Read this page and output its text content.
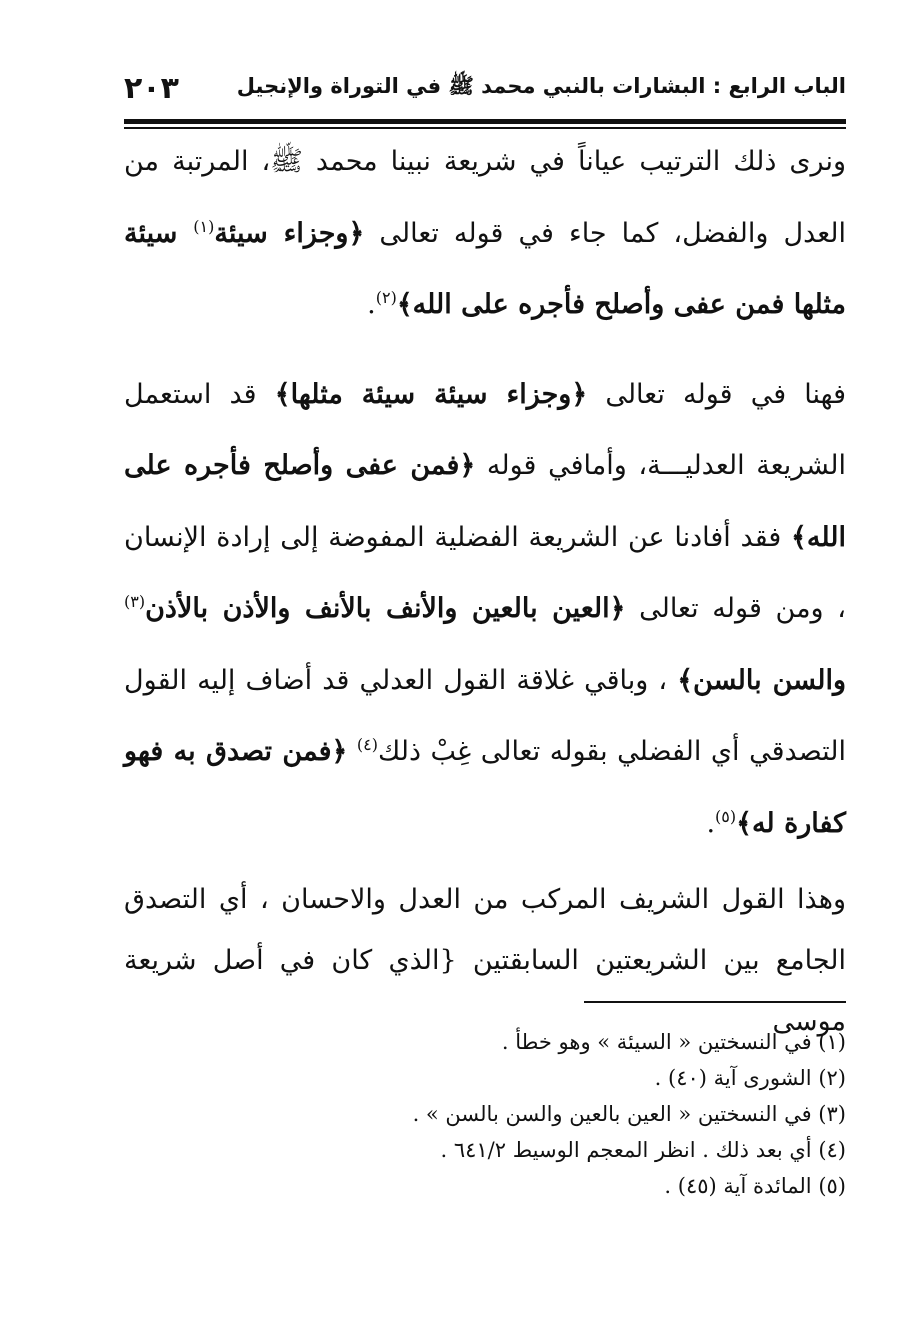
٢٠٣	الباب الرابع : البشارات بالنبي محمد ﷺ في التوراة والإنجيل

ونرى ذلك الترتيب عياناً في شريعة نبينا محمد ﷺ، المرتبة من العدل والفضل، كما جاء في قوله تعالى ﴿وجزاء سيئة$^{(١)}$ سيئة مثلها فمن عفى وأصلح فأجره على الله﴾$^{(٢)}$.

فهنا في قوله تعالى ﴿وجزاء سيئة سيئة مثلها﴾ قد استعمل الشريعة العدليـــة، وأمافي قوله ﴿فمن عفى وأصلح فأجره على الله﴾ فقد أفادنا عن الشريعة الفضلية المفوضة إلى إرادة الإنسان ، ومن قوله تعالى ﴿العين بالعين والأنف بالأنف والأذن بالأذن$^{(٣)}$ والسن بالسن﴾ ، وباقي غلاقة القول العدلي قد أضاف إليه القول التصدقي أي الفضلي بقوله تعالى غِبْ ذلك$^{(٤)}$ ﴿فمن تصدق به فهو كفارة له﴾$^{(٥)}$.

وهذا القول الشريف المركب من العدل والاحسان ، أي التصدق الجامع بين الشريعتين السابقتين {الذي كان في أصل شريعة موسى

(١) في النسختين « السيئة » وهو خطأ .
(٢) الشورى آية (٤٠) .
(٣) في النسختين « العين بالعين والسن بالسن » .
(٤) أي بعد ذلك . انظر المعجم الوسيط ٦٤١/٢ .
(٥) المائدة آية (٤٥) .
